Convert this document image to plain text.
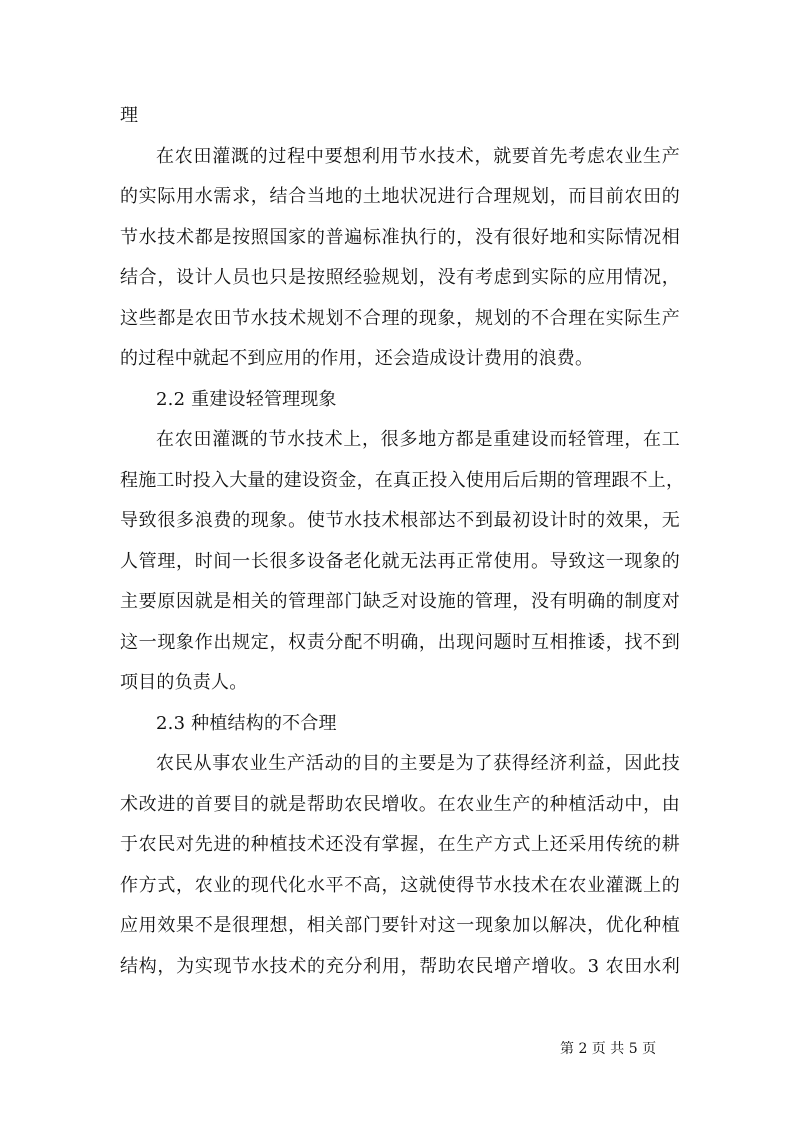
理
在农田灌溉的过程中要想利用节水技术，就要首先考虑农业生产
的实际用水需求，结合当地的土地状况进行合理规划，而目前农田的
节水技术都是按照国家的普遍标准执行的，没有很好地和实际情况相
结合，设计人员也只是按照经验规划，没有考虑到实际的应用情况，
这些都是农田节水技术规划不合理的现象，规划的不合理在实际生产
的过程中就起不到应用的作用，还会造成设计费用的浪费。
2.2 重建设轻管理现象
在农田灌溉的节水技术上，很多地方都是重建设而轻管理，在工
程施工时投入大量的建设资金，在真正投入使用后后期的管理跟不上，
导致很多浪费的现象。使节水技术根部达不到最初设计时的效果，无
人管理，时间一长很多设备老化就无法再正常使用。导致这一现象的
主要原因就是相关的管理部门缺乏对设施的管理，没有明确的制度对
这一现象作出规定，权责分配不明确，出现问题时互相推诿，找不到
项目的负责人。
2.3 种植结构的不合理
农民从事农业生产活动的目的主要是为了获得经济利益，因此技
术改进的首要目的就是帮助农民增收。在农业生产的种植活动中，由
于农民对先进的种植技术还没有掌握，在生产方式上还采用传统的耕
作方式，农业的现代化水平不高，这就使得节水技术在农业灌溉上的
应用效果不是很理想，相关部门要针对这一现象加以解决，优化种植
结构，为实现节水技术的充分利用，帮助农民增产增收。3 农田水利
第 2 页 共 5 页
